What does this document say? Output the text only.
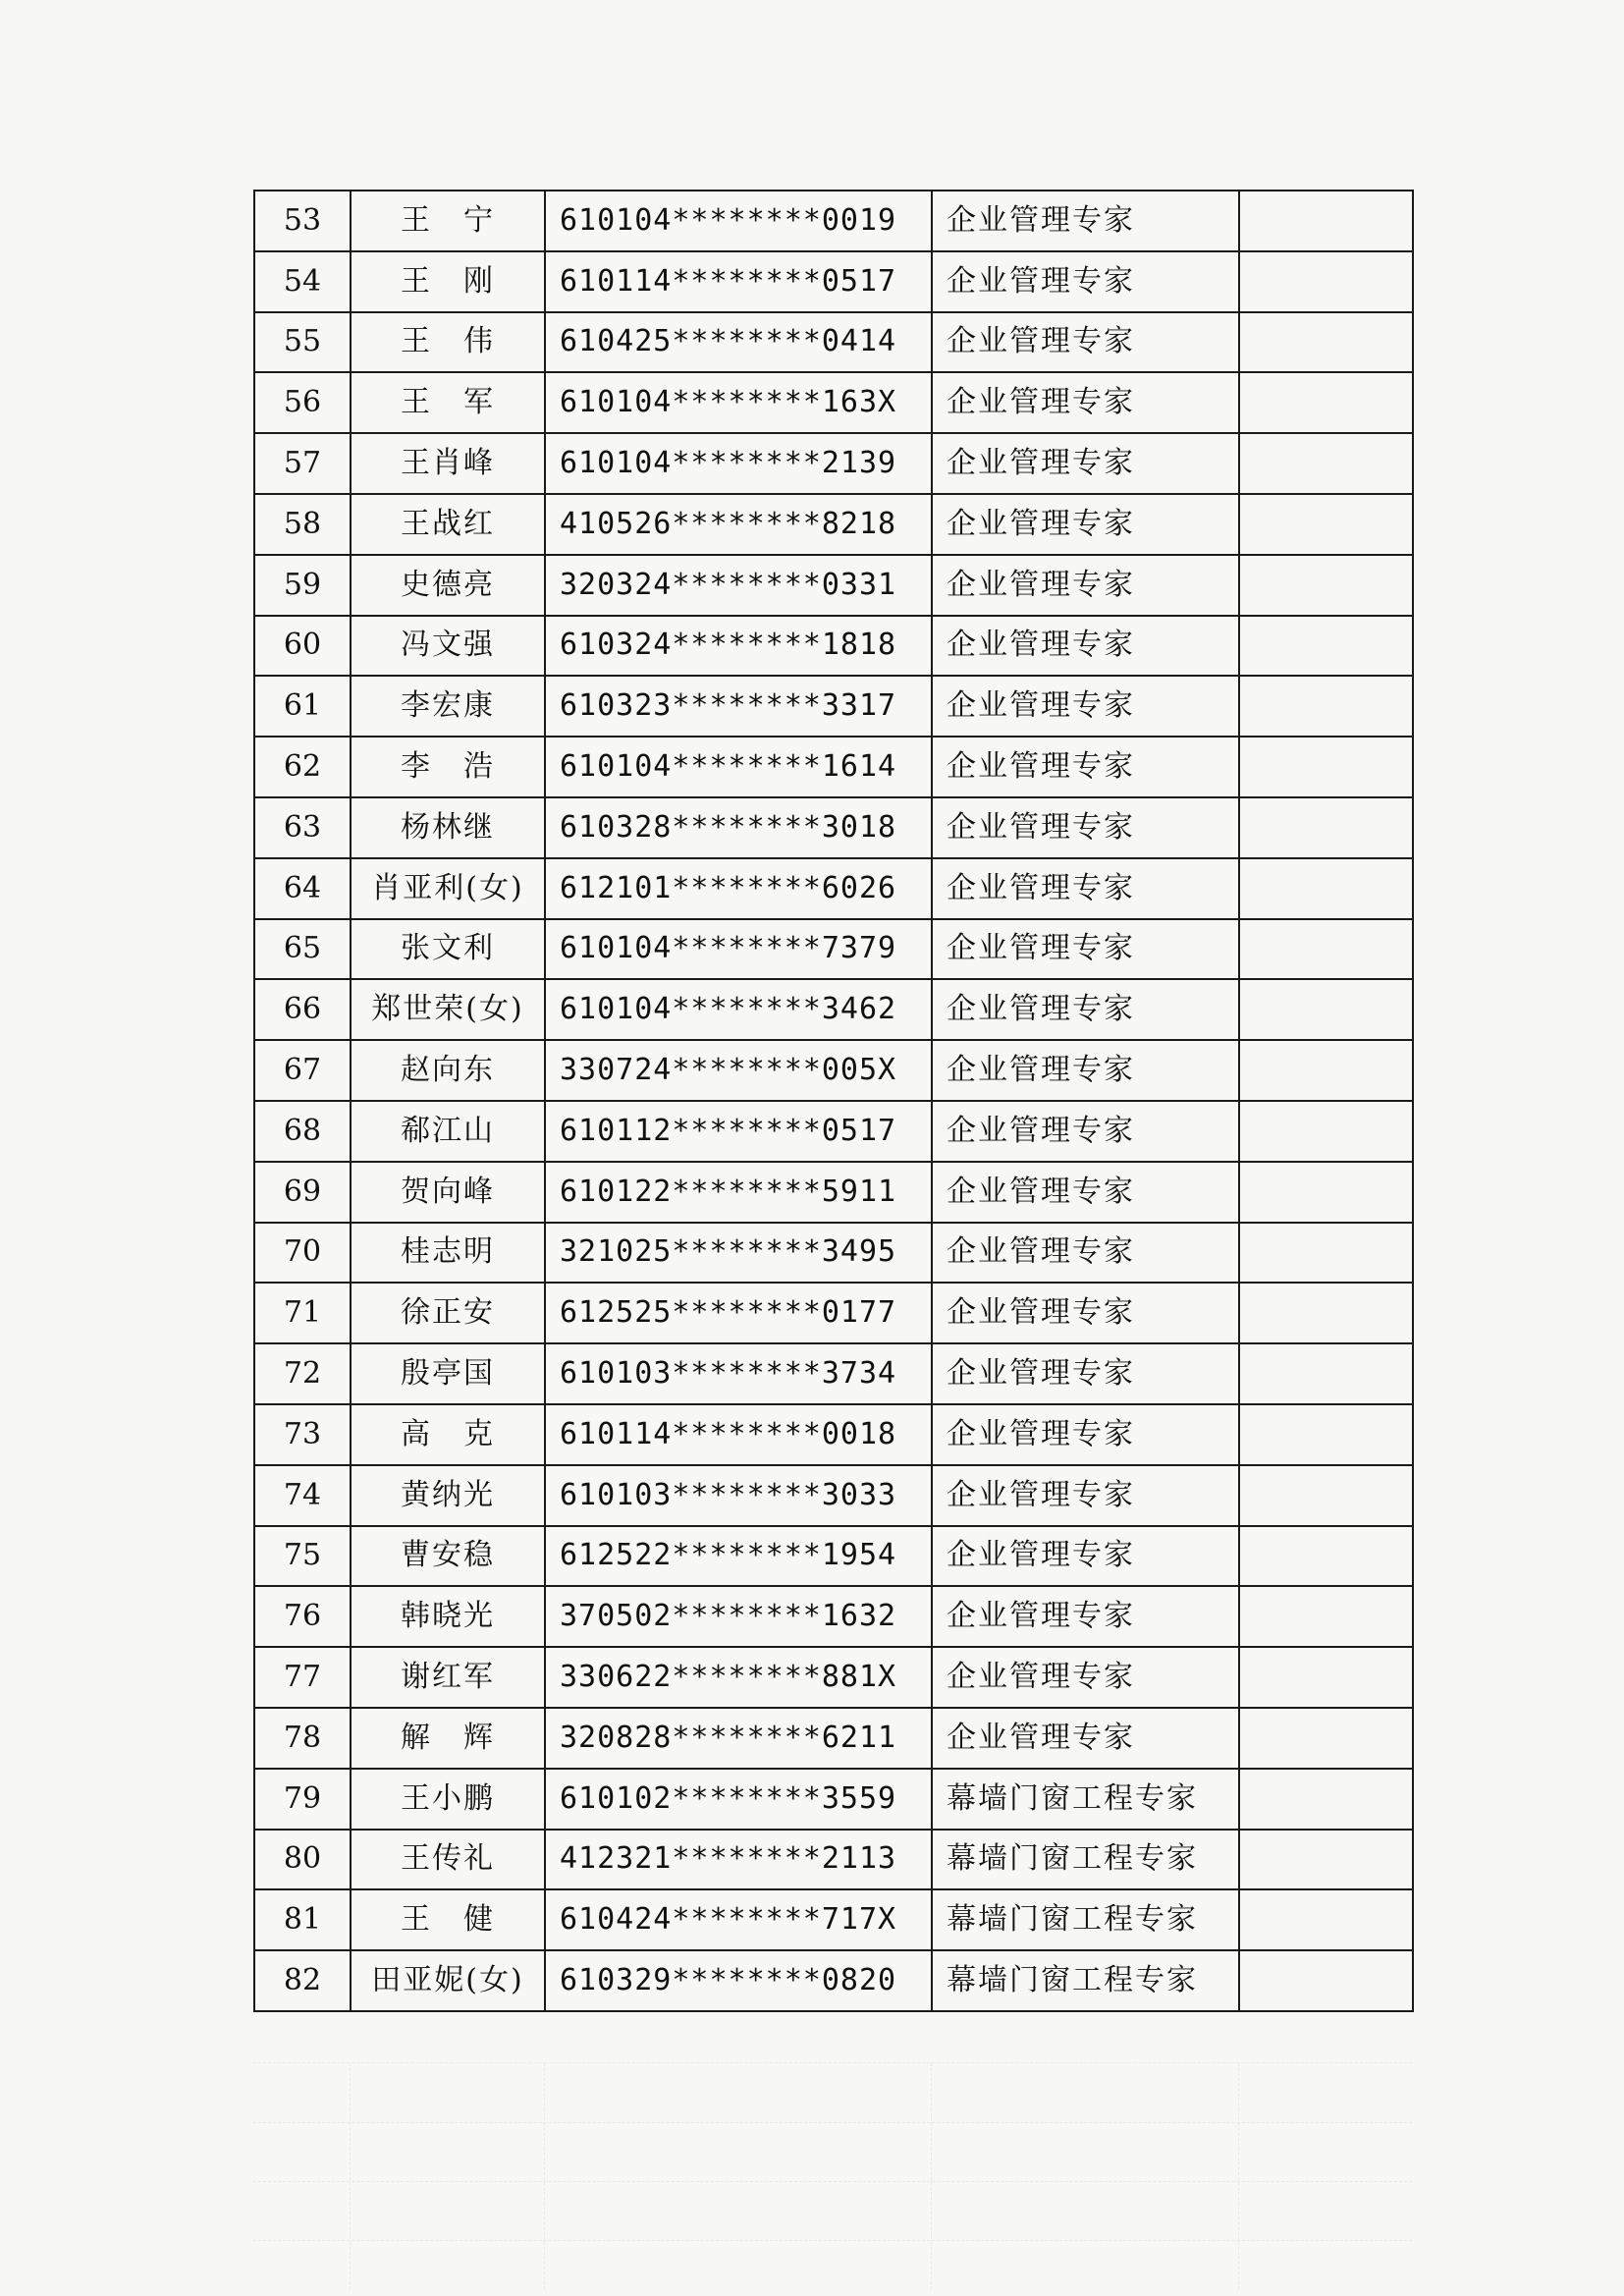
53	王　宁	610104********0019	企业管理专家	
54	王　刚	610114********0517	企业管理专家	
55	王　伟	610425********0414	企业管理专家	
56	王　军	610104********163X	企业管理专家	
57	王肖峰	610104********2139	企业管理专家	
58	王战红	410526********8218	企业管理专家	
59	史德亮	320324********0331	企业管理专家	
60	冯文强	610324********1818	企业管理专家	
61	李宏康	610323********3317	企业管理专家	
62	李　浩	610104********1614	企业管理专家	
63	杨林继	610328********3018	企业管理专家	
64	肖亚利(女)	612101********6026	企业管理专家	
65	张文利	610104********7379	企业管理专家	
66	郑世荣(女)	610104********3462	企业管理专家	
67	赵向东	330724********005X	企业管理专家	
68	郗江山	610112********0517	企业管理专家	
69	贺向峰	610122********5911	企业管理专家	
70	桂志明	321025********3495	企业管理专家	
71	徐正安	612525********0177	企业管理专家	
72	殷亭国	610103********3734	企业管理专家	
73	高　克	610114********0018	企业管理专家	
74	黄纳光	610103********3033	企业管理专家	
75	曹安稳	612522********1954	企业管理专家	
76	韩晓光	370502********1632	企业管理专家	
77	谢红军	330622********881X	企业管理专家	
78	解　辉	320828********6211	企业管理专家	
79	王小鹏	610102********3559	幕墙门窗工程专家	
80	王传礼	412321********2113	幕墙门窗工程专家	
81	王　健	610424********717X	幕墙门窗工程专家	
82	田亚妮(女)	610329********0820	幕墙门窗工程专家	
